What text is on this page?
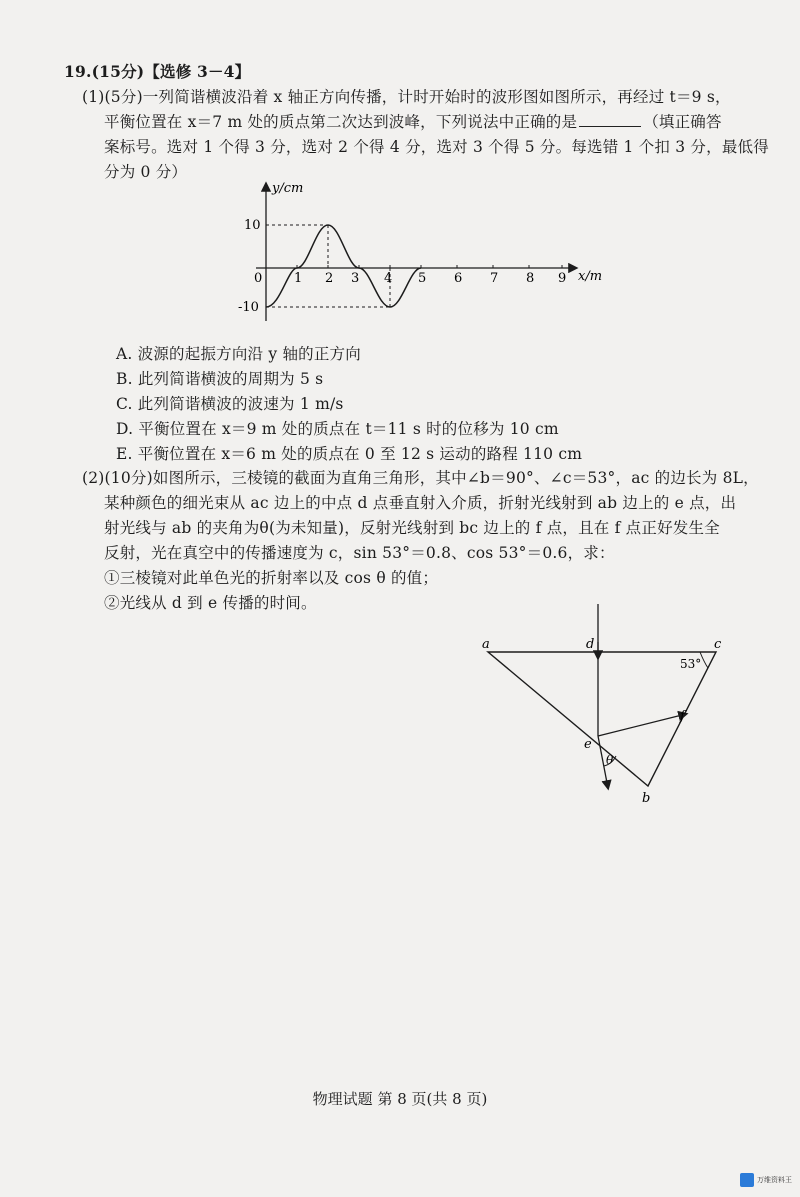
19.(15分)【选修 3－4】
(1)(5分)一列简谐横波沿着 x 轴正方向传播，计时开始时的波形图如图所示，再经过 t＝9 s，
平衡位置在 x＝7 m 处的质点第二次达到波峰，下列说法中正确的是	（填正确答
案标号。选对 1 个得 3 分，选对 2 个得 4 分，选对 3 个得 5 分。每选错 1 个扣 3 分，最低得
分为 0 分）
y/cm
x/m
0
10
-10
1 2 3 4 5 6 7 8 9
A. 波源的起振方向沿 y 轴的正方向
B. 此列简谐横波的周期为 5 s
C. 此列简谐横波的波速为 1 m/s
D. 平衡位置在 x＝9 m 处的质点在 t＝11 s 时的位移为 10 cm
E. 平衡位置在 x＝6 m 处的质点在 0 至 12 s 运动的路程 110 cm
(2)(10分)如图所示，三棱镜的截面为直角三角形，其中∠b＝90°、∠c＝53°，ac 的边长为 8L，
某种颜色的细光束从 ac 边上的中点 d 点垂直射入介质，折射光线射到 ab 边上的 e 点，出
射光线与 ab 的夹角为θ(为未知量)，反射光线射到 bc 边上的 f 点，且在 f 点正好发生全
反射，光在真空中的传播速度为 c，sin 53°＝0.8、cos 53°＝0.6，求：
①三棱镜对此单色光的折射率以及 cos θ 的值；
②光线从 d 到 e 传播的时间。
a	d	c
53°
e
f
θ
b
物理试题 第 8 页(共 8 页)
万维资料王
